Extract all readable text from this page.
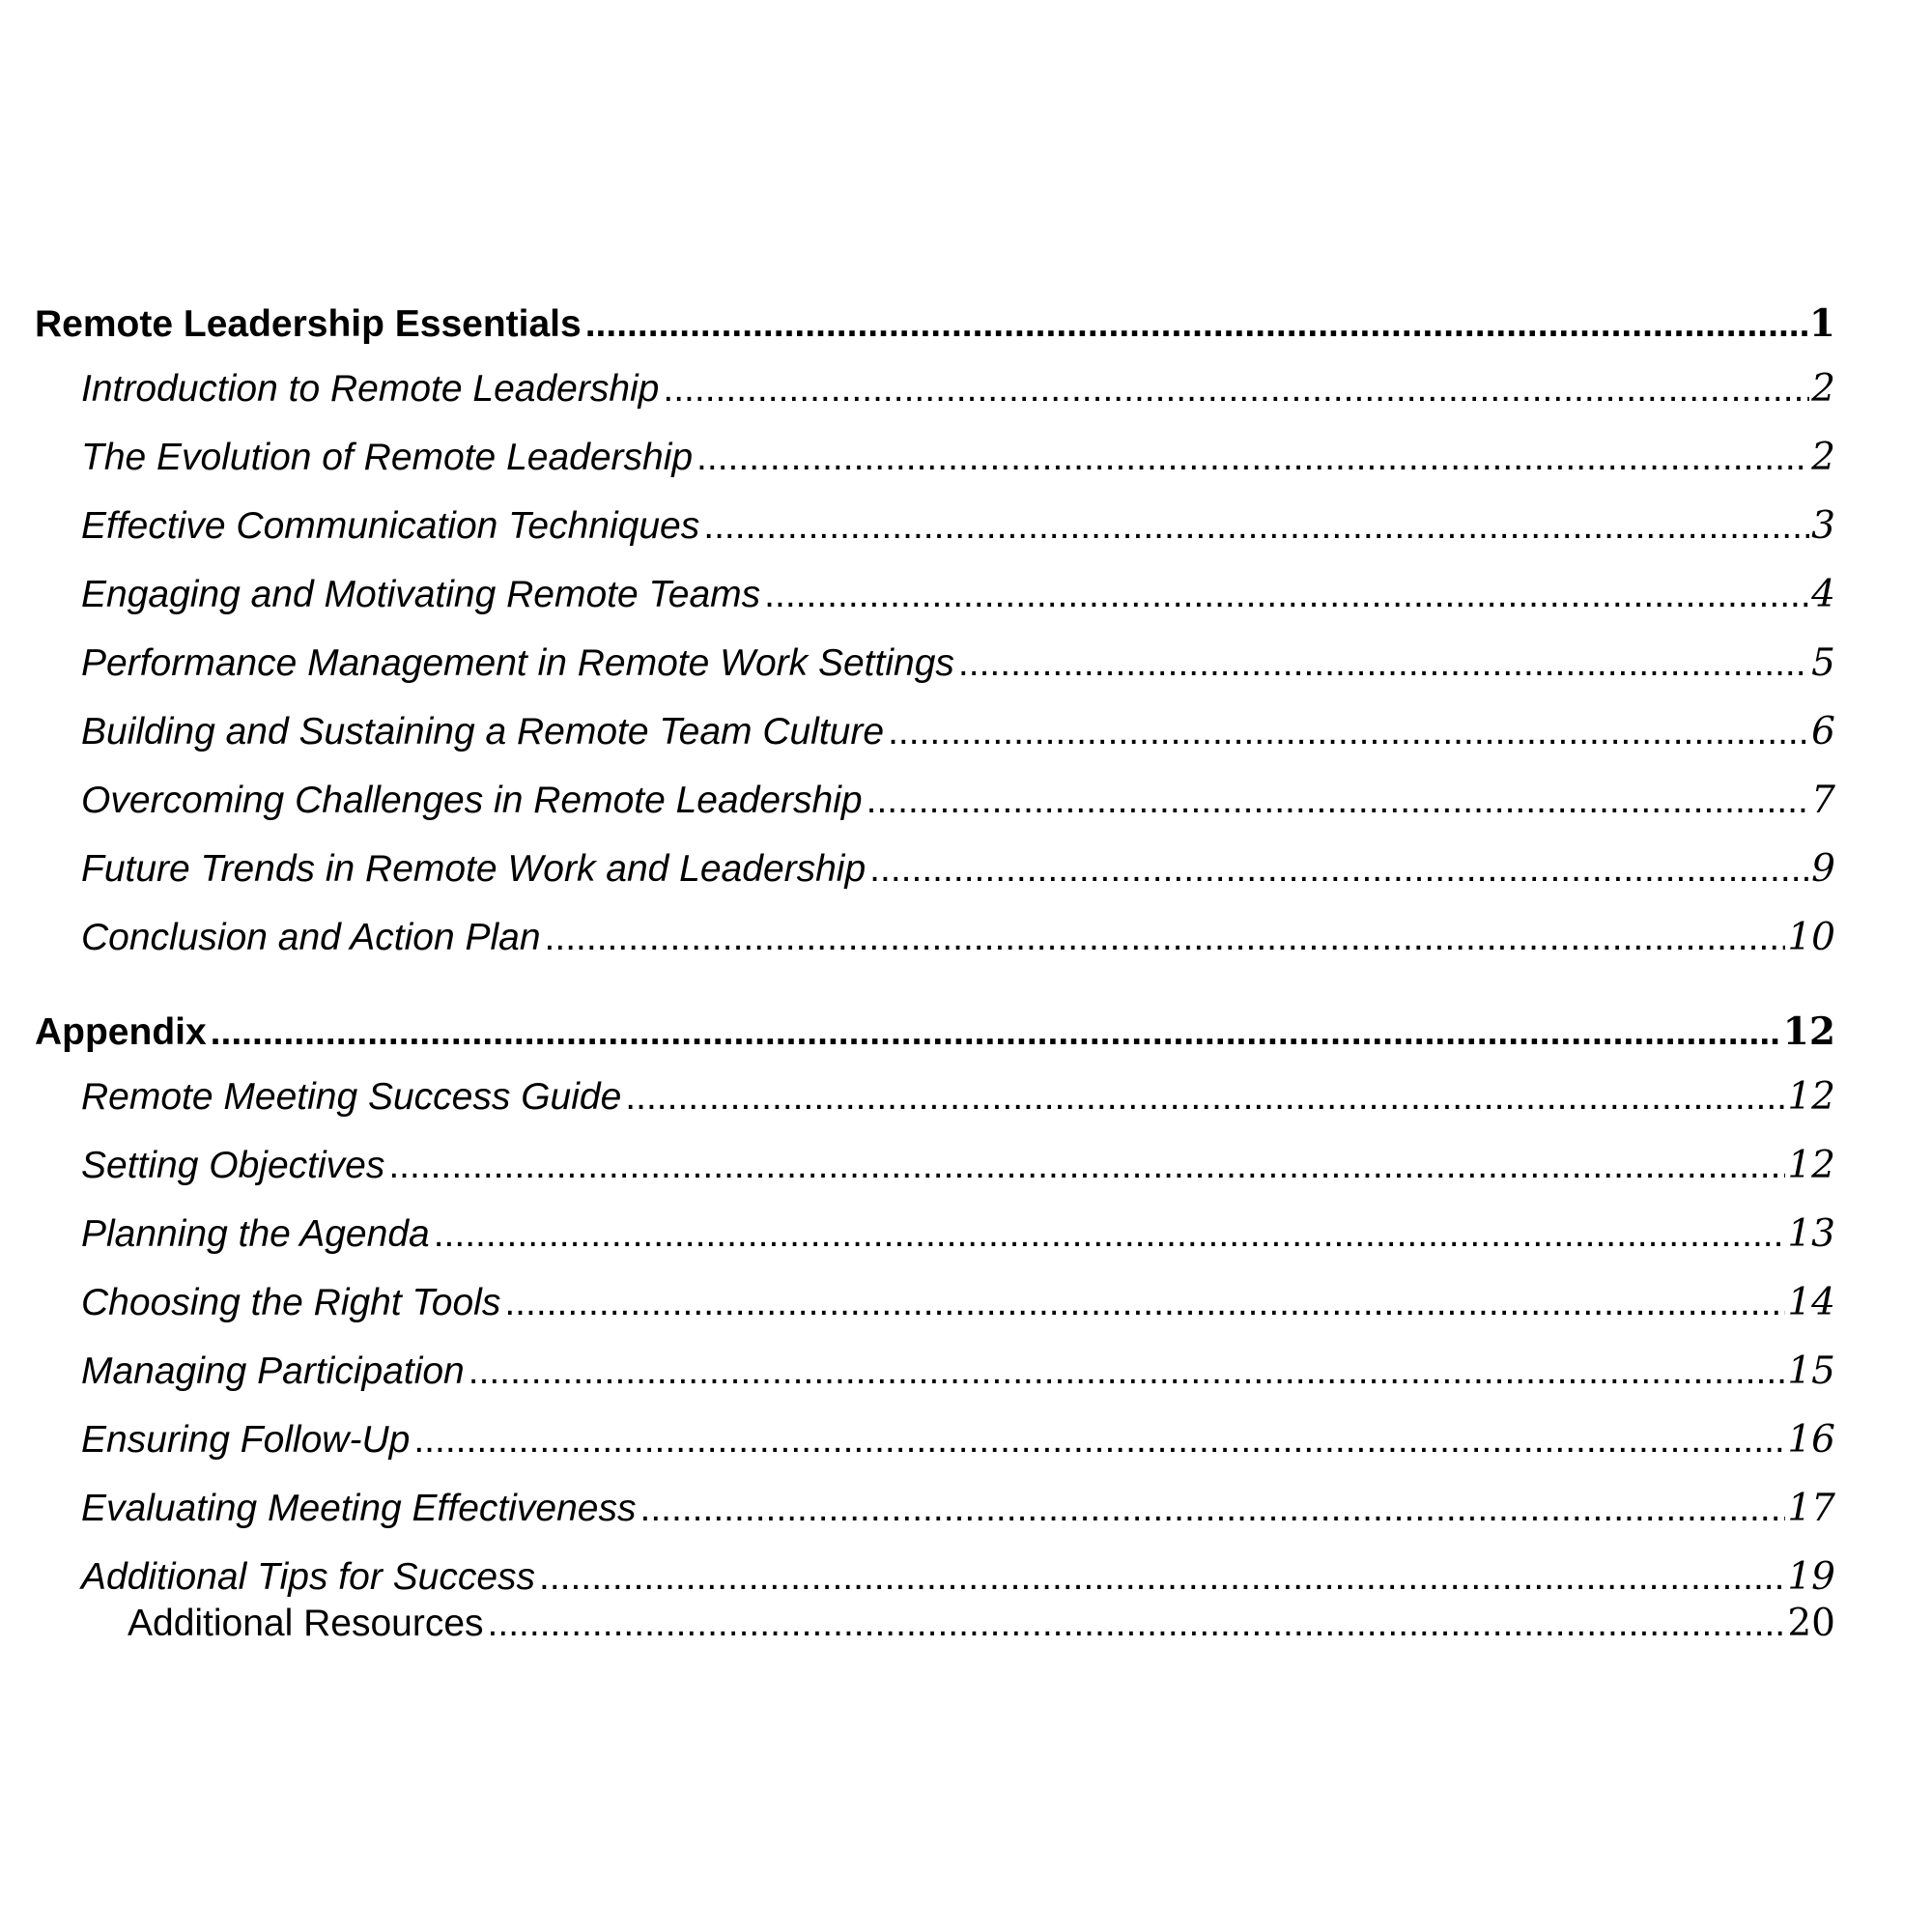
Remote Leadership Essentials .....	1
Introduction to Remote Leadership .....	2
The Evolution of Remote Leadership .....	2
Effective Communication Techniques .....	3
Engaging and Motivating Remote Teams .....	4
Performance Management in Remote Work Settings .....	5
Building and Sustaining a Remote Team Culture .....	6
Overcoming Challenges in Remote Leadership .....	7
Future Trends in Remote Work and Leadership .....	9
Conclusion and Action Plan .....	10
Appendix .....	12
Remote Meeting Success Guide .....	12
Setting Objectives .....	12
Planning the Agenda .....	13
Choosing the Right Tools .....	14
Managing Participation .....	15
Ensuring Follow-Up .....	16
Evaluating Meeting Effectiveness .....	17
Additional Tips for Success .....	19
Additional Resources .....	20
